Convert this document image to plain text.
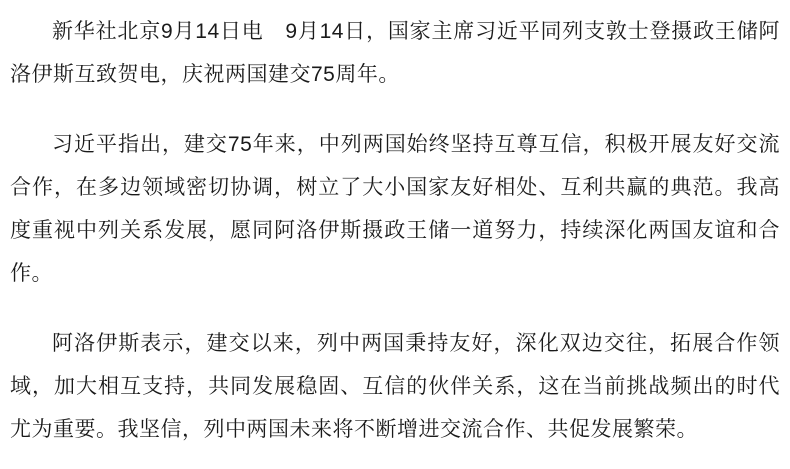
新华社北京9月14日电　9月14日，国家主席习近平同列支敦士登摄政王储阿洛伊斯互致贺电，庆祝两国建交75周年。

习近平指出，建交75年来，中列两国始终坚持互尊互信，积极开展友好交流合作，在多边领域密切协调，树立了大小国家友好相处、互利共赢的典范。我高度重视中列关系发展，愿同阿洛伊斯摄政王储一道努力，持续深化两国友谊和合作。

阿洛伊斯表示，建交以来，列中两国秉持友好，深化双边交往，拓展合作领域，加大相互支持，共同发展稳固、互信的伙伴关系，这在当前挑战频出的时代尤为重要。我坚信，列中两国未来将不断增进交流合作、共促发展繁荣。
